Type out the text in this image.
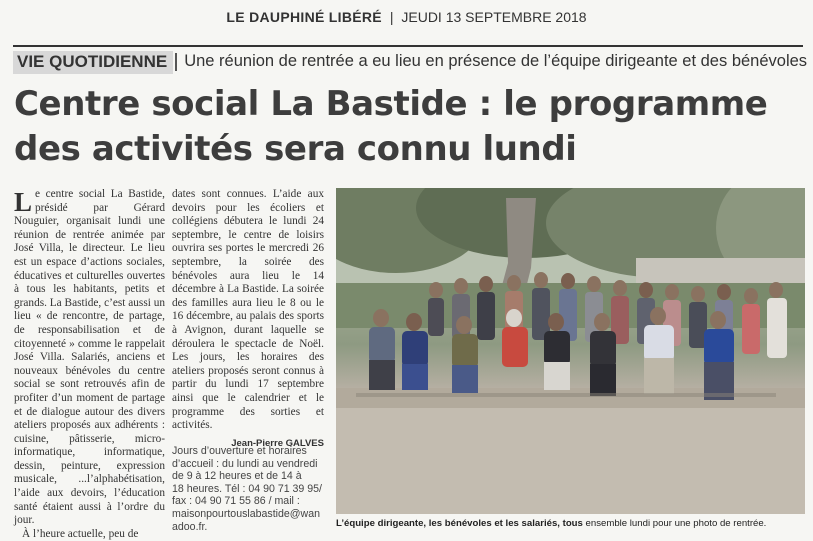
LE DAUPHINÉ LIBÉRÉ | JEUDI 13 SEPTEMBRE 2018
VIE QUOTIDIENNE Une réunion de rentrée a eu lieu en présence de l’équipe dirigeante et des bénévoles
Centre social La Bastide : le programme
des activités sera connu lundi

Le centre social La Bastide, présidé par Gérard Nouguier, organisait lundi une réunion de rentrée animée par José Villa, le directeur. Le lieu est un espace d’actions sociales, éducatives et culturelles ouvertes à tous les habitants, petits et grands. La Bastide, c’est aussi un lieu « de rencontre, de partage, de responsabilisation et de citoyenneté » comme le rappelait José Villa. Salariés, anciens et nouveaux bénévoles du centre social se sont retrouvés afin de profiter d’un moment de partage et de dialogue autour des divers ateliers proposés aux adhérents : cuisine, pâtisserie, micro-informatique, informatique, dessin, peinture, expression musicale, ...l’alphabétisation, l’aide aux devoirs, l’éducation santé étaient aussi à l’ordre du jour.

À l’heure actuelle, peu de

dates sont connues. L’aide aux devoirs pour les écoliers et collégiens débutera le lundi 24 septembre, le centre de loisirs ouvrira ses portes le mercredi 26 septembre, la soirée des bénévoles aura lieu le 14 décembre à La Bastide. La soirée des familles aura lieu le 8 ou le 16 décembre, au palais des sports à Avignon, durant laquelle se déroulera le spectacle de Noël. Les jours, les horaires des ateliers proposés seront connus à partir du lundi 17 septembre ainsi que le calendrier et le programme des sorties et activités.

Jean-Pierre GALVES

Jours d’ouverture et horaires
d’accueil : du lundi au vendredi
de 9 à 12 heures et de 14 à
18 heures. Tél : 04 90 71 39 95/
fax : 04 90 71 55 86 / mail :
maisonpourtouslabastide@wan
adoo.fr.	L’équipe dirigeante, les bénévoles et les salariés, tous ensemble lundi pour une photo de rentrée.
